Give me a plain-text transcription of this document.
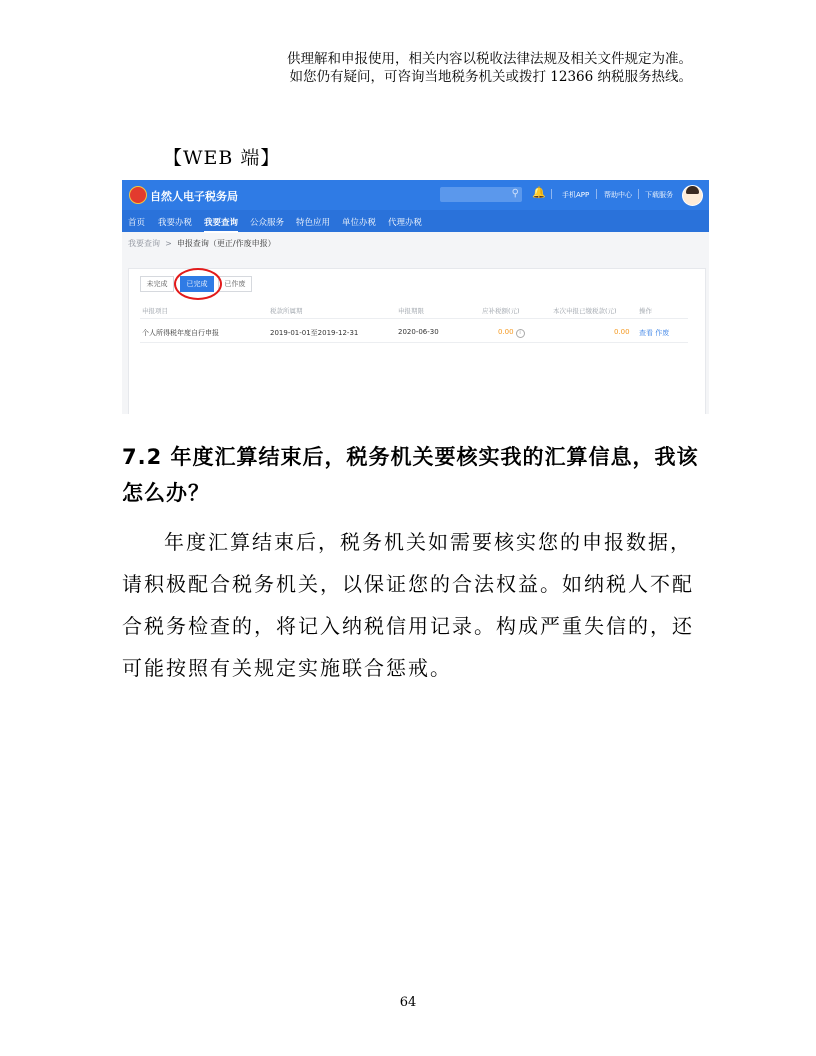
供理解和申报使用，相关内容以税收法律法规及相关文件规定为准。
如您仍有疑问，可咨询当地税务机关或拨打 12366 纳税服务热线。
【WEB 端】
自然人电子税务局	⚲ 🔔 手机APP 帮助中心 下载服务
首页 我要办税 我要查询 公众服务 特色应用 单位办税 代理办税
我要查询 > 申报查询（更正/作废申报）
未完成	已完成	已作废
申报项目	税款所属期	申报期限	应补税额(元)	本次申报已缴税款(元)	操作
个人所得税年度自行申报	2019-01-01至2019-12-31	2020-06-30	0.00 i	0.00 查看 作废
7.2 年度汇算结束后，税务机关要核实我的汇算信息，我该怎么办？
年度汇算结束后，税务机关如需要核实您的申报数据，请积极配合税务机关，以保证您的合法权益。如纳税人不配合税务检查的，将记入纳税信用记录。构成严重失信的，还可能按照有关规定实施联合惩戒。
64
